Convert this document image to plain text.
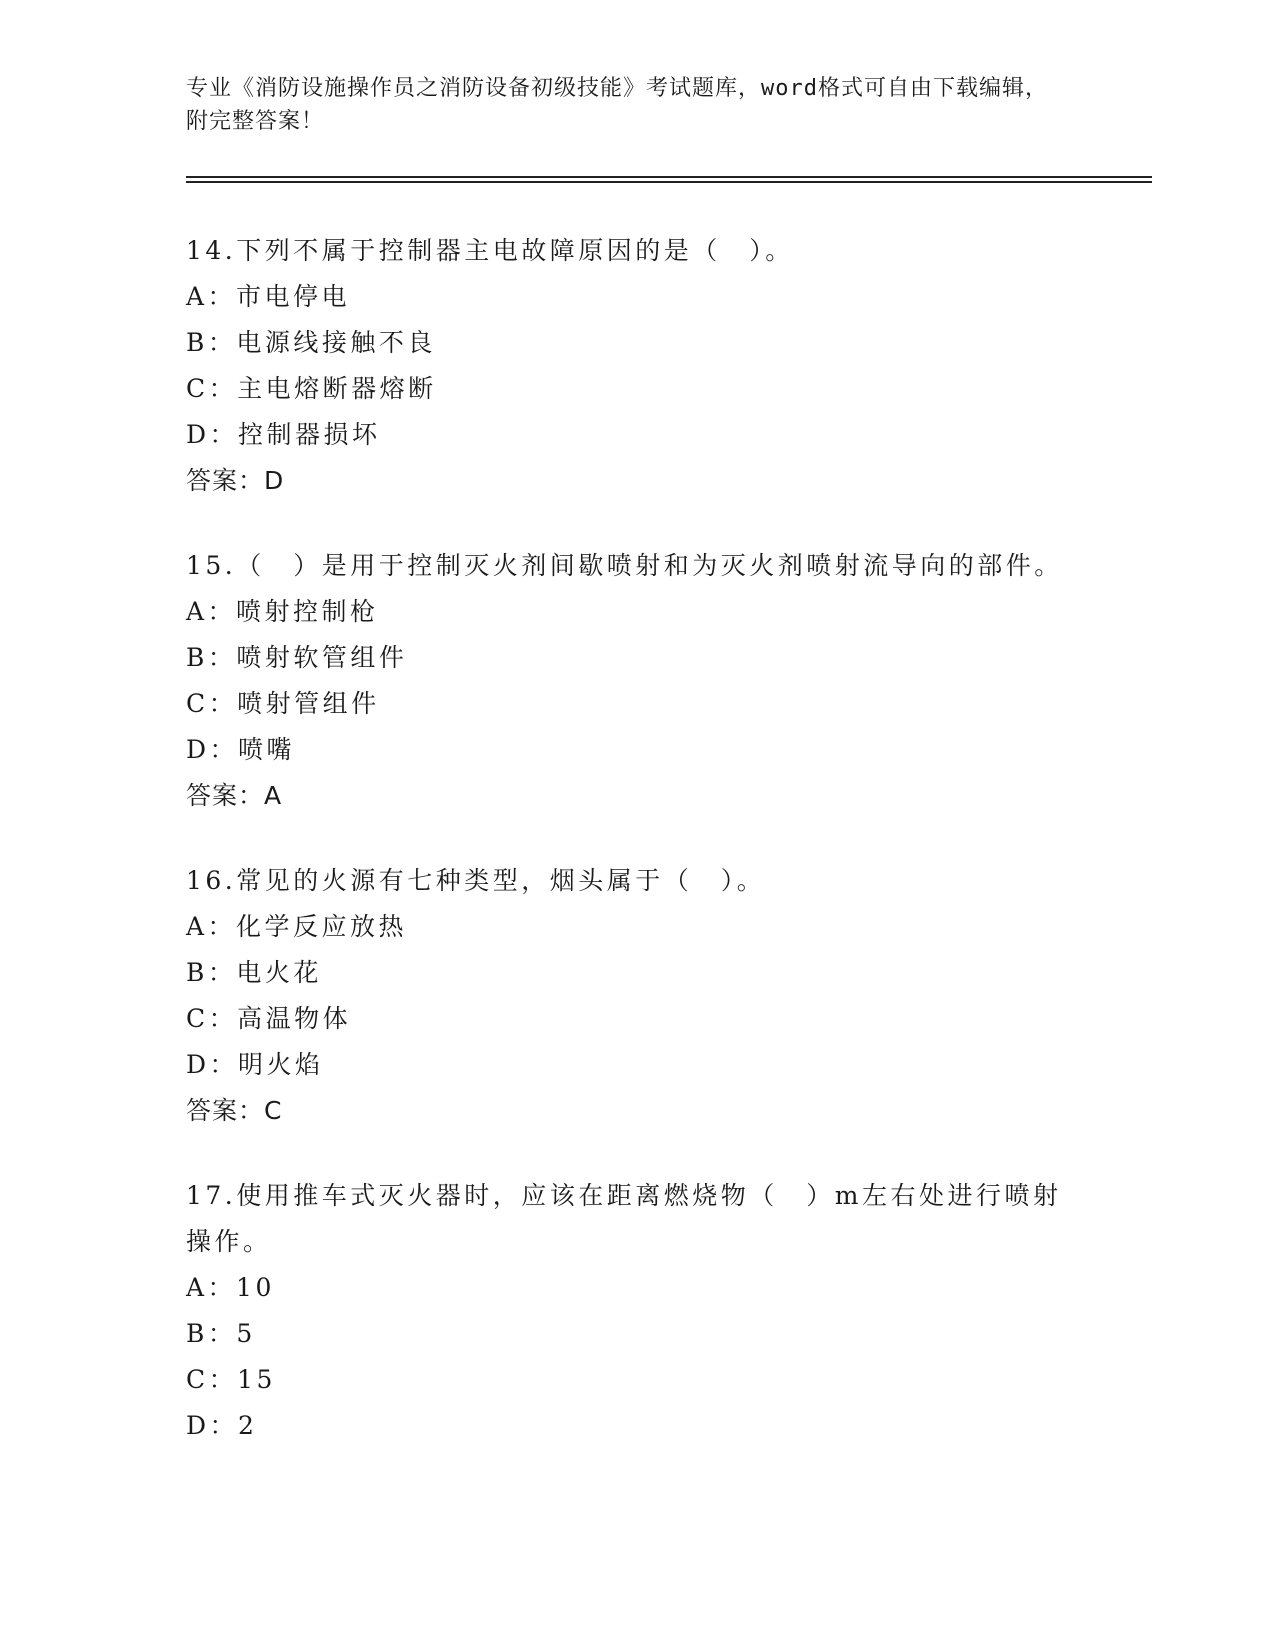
专业《消防设施操作员之消防设备初级技能》考试题库，word格式可自由下载编辑，附完整答案！
14.下列不属于控制器主电故障原因的是（　）。
A：市电停电
B：电源线接触不良
C：主电熔断器熔断
D：控制器损坏
答案：D
15.（　）是用于控制灭火剂间歇喷射和为灭火剂喷射流导向的部件。
A：喷射控制枪
B：喷射软管组件
C：喷射管组件
D：喷嘴
答案：A
16.常见的火源有七种类型，烟头属于（　）。
A：化学反应放热
B：电火花
C：高温物体
D：明火焰
答案：C
17.使用推车式灭火器时，应该在距离燃烧物（　）m左右处进行喷射操作。
A：10
B：5
C：15
D：2
